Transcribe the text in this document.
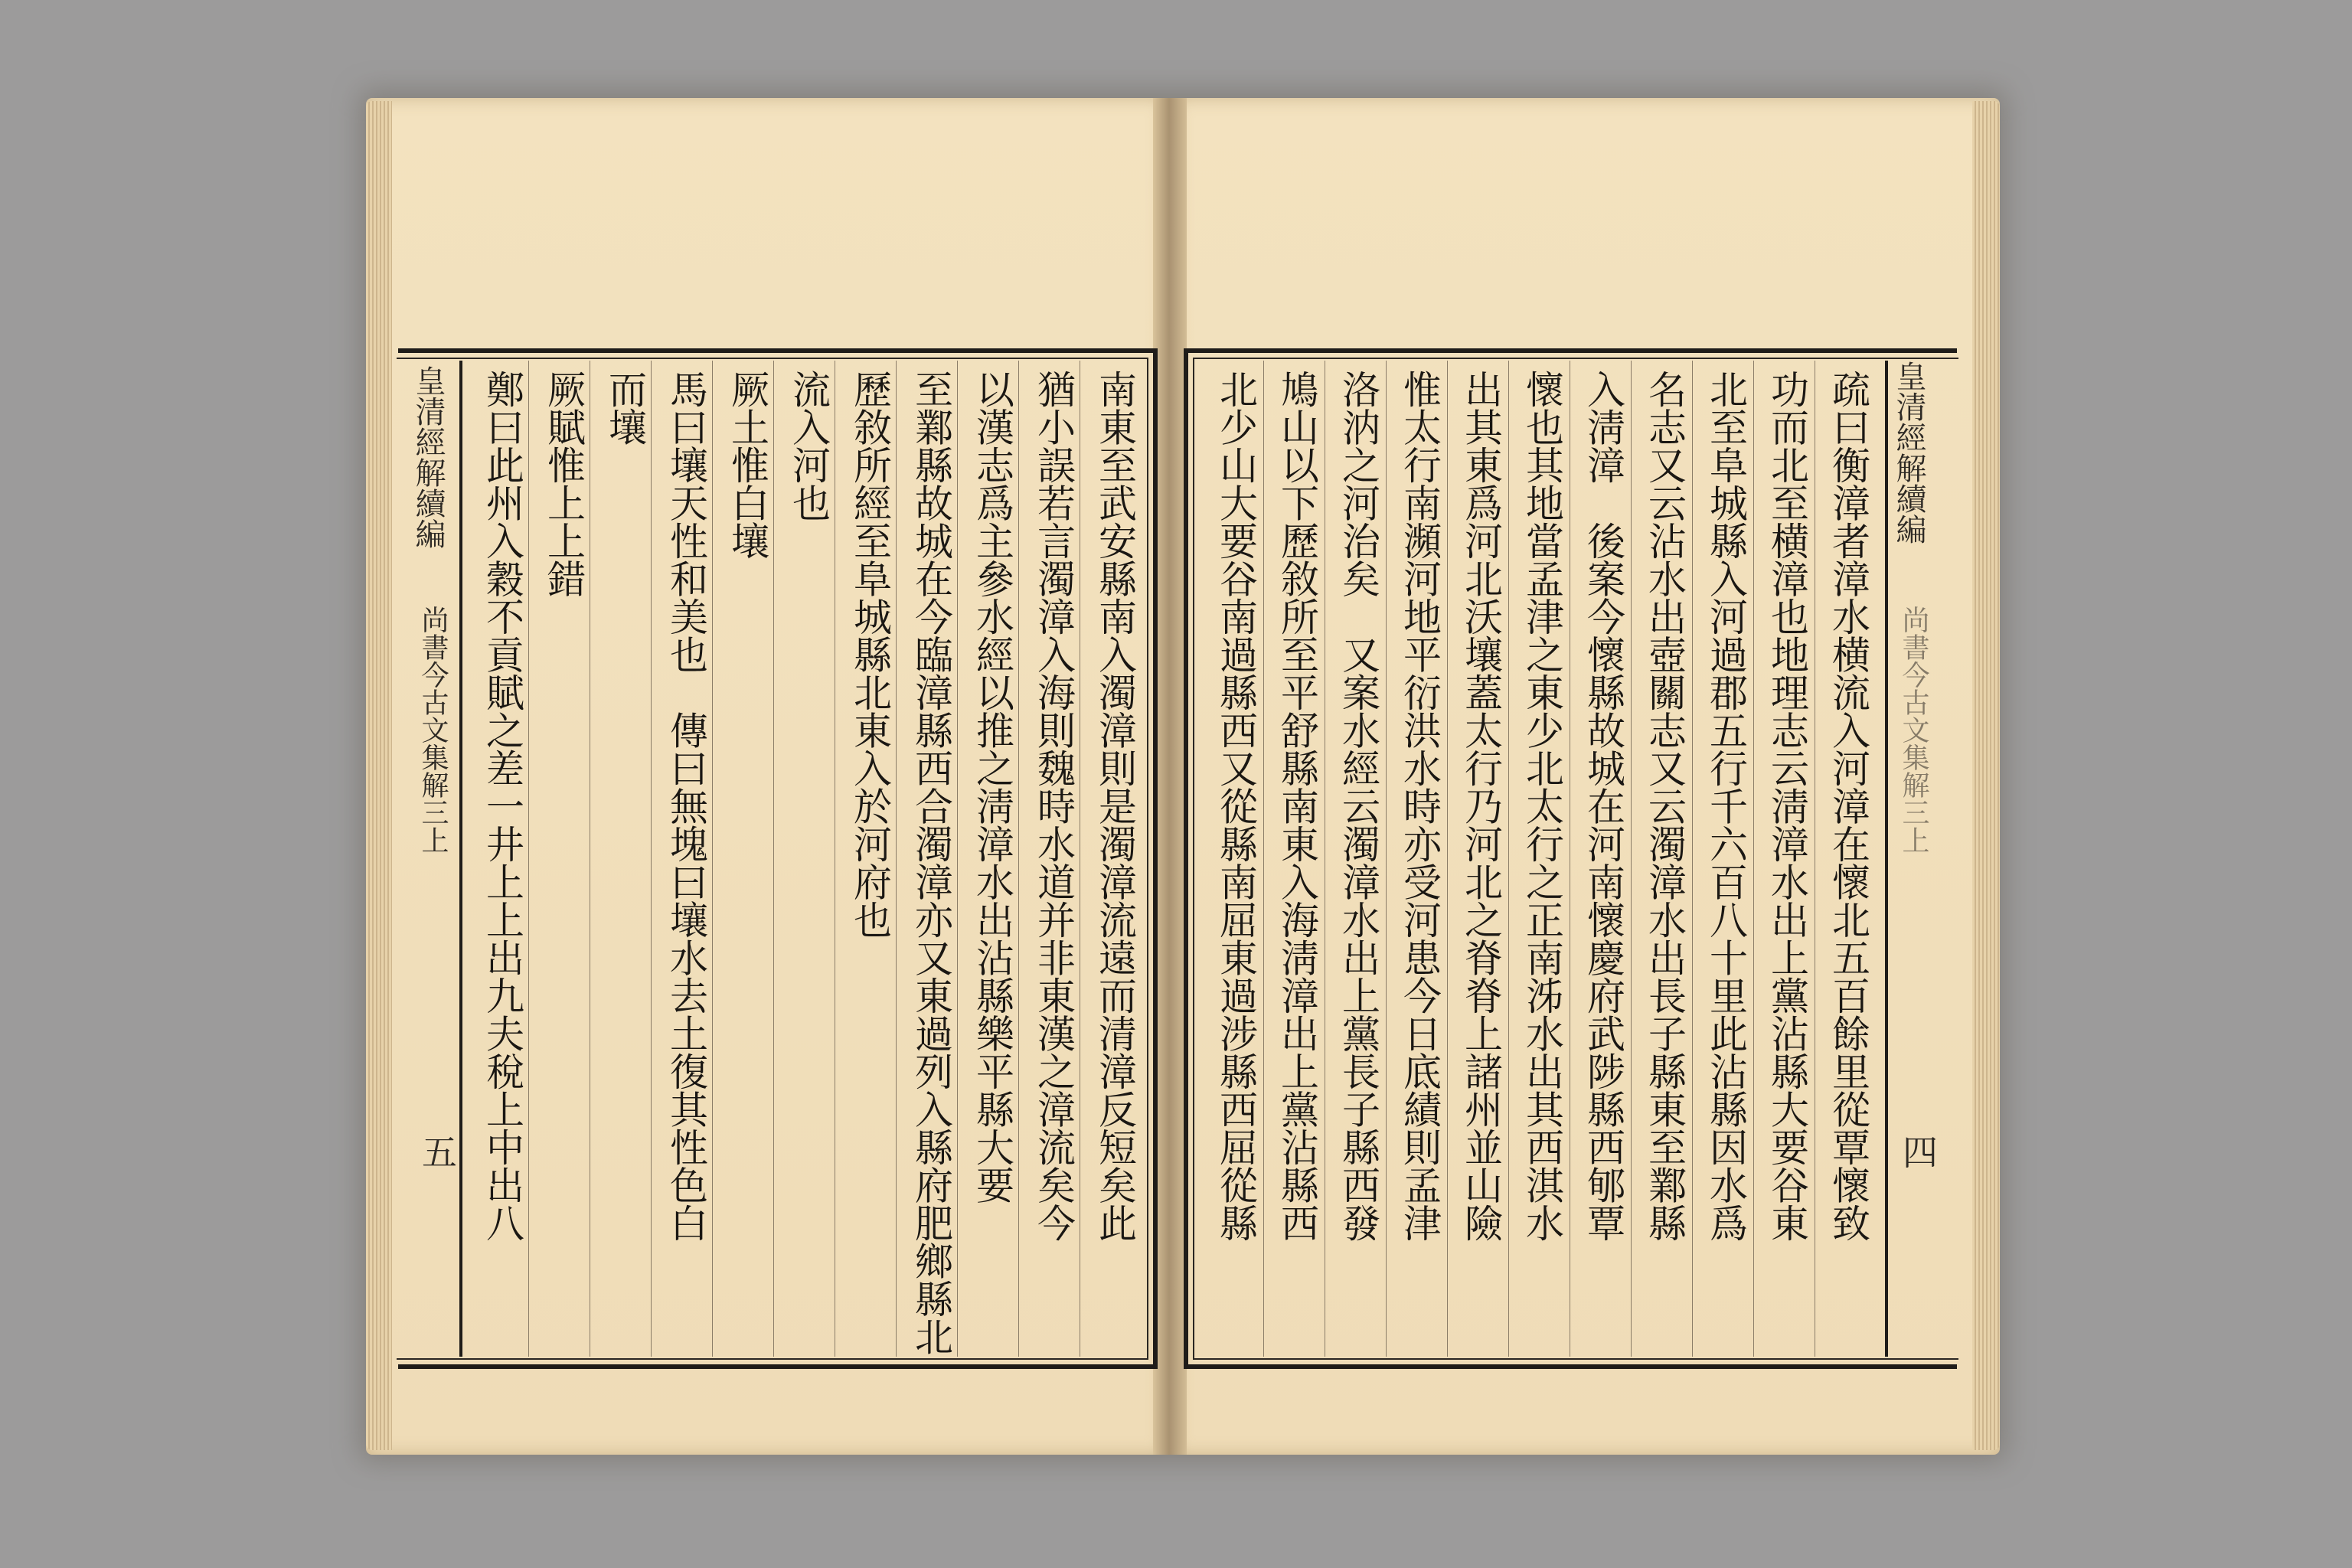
南東至武安縣南入濁漳則是濁漳流遠而清漳反短矣此
猶小誤若言濁漳入海則魏時水道并非東漢之漳流矣今
以漢志爲主參水經以推之淸漳水出沾縣樂平縣大要
至鄴縣故城在今臨漳縣西合濁漳亦又東過列入縣府肥鄉縣北
歷敘所經至阜城縣北東入於河府也
流入河也
厥土惟白壤
馬曰壤天性和美也　傳曰無塊曰壤水去土復其性色白
而壤
厥賦惟上上錯
鄭曰此州入穀不貢賦之差一井上上出九夫稅上中出八
皇清經解續編
尚書今古文集解三上
五
皇清經解續編
尚書今古文集解三上
四
疏曰衡漳者漳水横流入河漳在懷北五百餘里從覃懷致
功而北至横漳也地理志云淸漳水出上黨沾縣大要谷東
北至阜城縣入河過郡五行千六百八十里此沾縣因水爲
名志又云沾水出壺關志又云濁漳水出長子縣東至鄴縣
入淸漳　後案今懷縣故城在河南懷慶府武陟縣西郇覃
懷也其地當孟津之東少北太行之正南泲水出其西淇水
出其東爲河北沃壤蓋太行乃河北之脊脊上諸州並山險
惟太行南瀕河地平衍洪水時亦受河患今日底績則孟津
洛汭之河治矣　又案水經云濁漳水出上黨長子縣西發
鳩山以下歷敘所至平舒縣南東入海淸漳出上黨沾縣西
北少山大要谷南過縣西又從縣南屈東過涉縣西屈從縣
